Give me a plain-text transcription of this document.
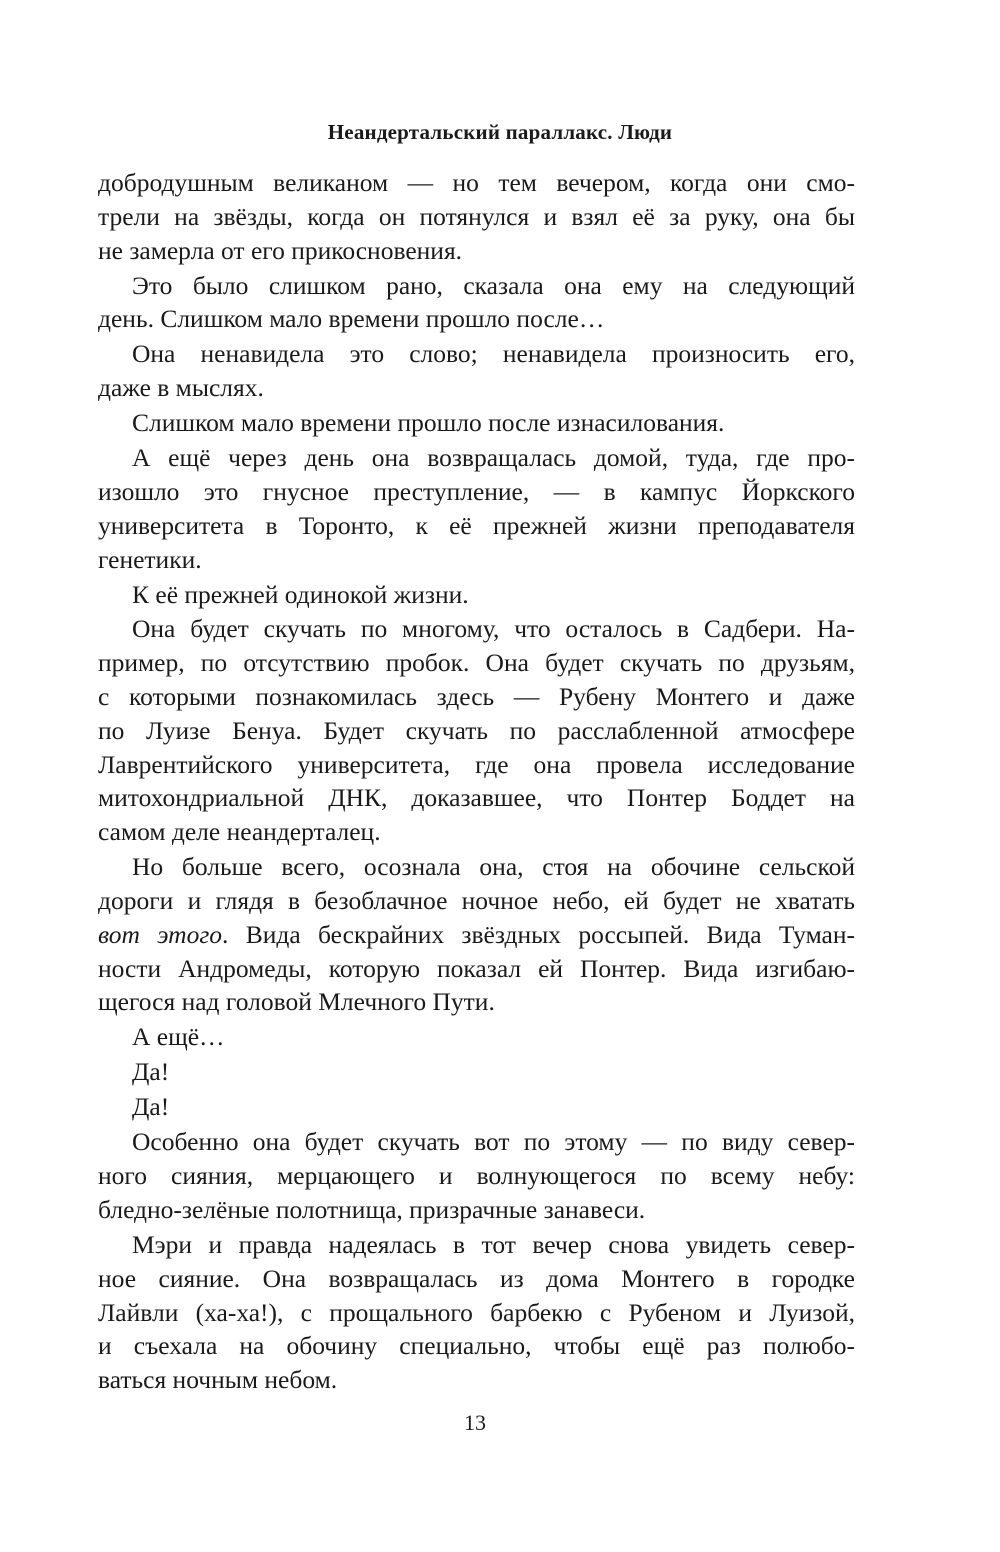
Неандертальский параллакс. Люди
добродушным великаном — но тем вечером, когда они смо-
трели на звёзды, когда он потянулся и взял её за руку, она бы
не замерла от его прикосновения.
Это было слишком рано, сказала она ему на следующий
день. Слишком мало времени прошло после…
Она ненавидела это слово; ненавидела произносить его,
даже в мыслях.
Слишком мало времени прошло после изнасилования.
А ещё через день она возвращалась домой, туда, где про-
изошло это гнусное преступление, — в кампус Йоркского
университета в Торонто, к её прежней жизни преподавателя
генетики.
К её прежней одинокой жизни.
Она будет скучать по многому, что осталось в Садбери. На-
пример, по отсутствию пробок. Она будет скучать по друзьям,
с которыми познакомилась здесь — Рубену Монтего и даже
по Луизе Бенуа. Будет скучать по расслабленной атмосфере
Лаврентийского университета, где она провела исследование
митохондриальной ДНК, доказавшее, что Понтер Боддет на
самом деле неандерталец.
Но больше всего, осознала она, стоя на обочине сельской
дороги и глядя в безоблачное ночное небо, ей будет не хватать
вот этого. Вида бескрайних звёздных россыпей. Вида Туман-
ности Андромеды, которую показал ей Понтер. Вида изгибаю-
щегося над головой Млечного Пути.
А ещё…
Да!
Да!
Особенно она будет скучать вот по этому — по виду север-
ного сияния, мерцающего и волнующегося по всему небу:
бледно-зелёные полотнища, призрачные занавеси.
Мэри и правда надеялась в тот вечер снова увидеть север-
ное сияние. Она возвращалась из дома Монтего в городке
Лайвли (ха-ха!), с прощального барбекю с Рубеном и Луизой,
и съехала на обочину специально, чтобы ещё раз полюбо-
ваться ночным небом.
13
